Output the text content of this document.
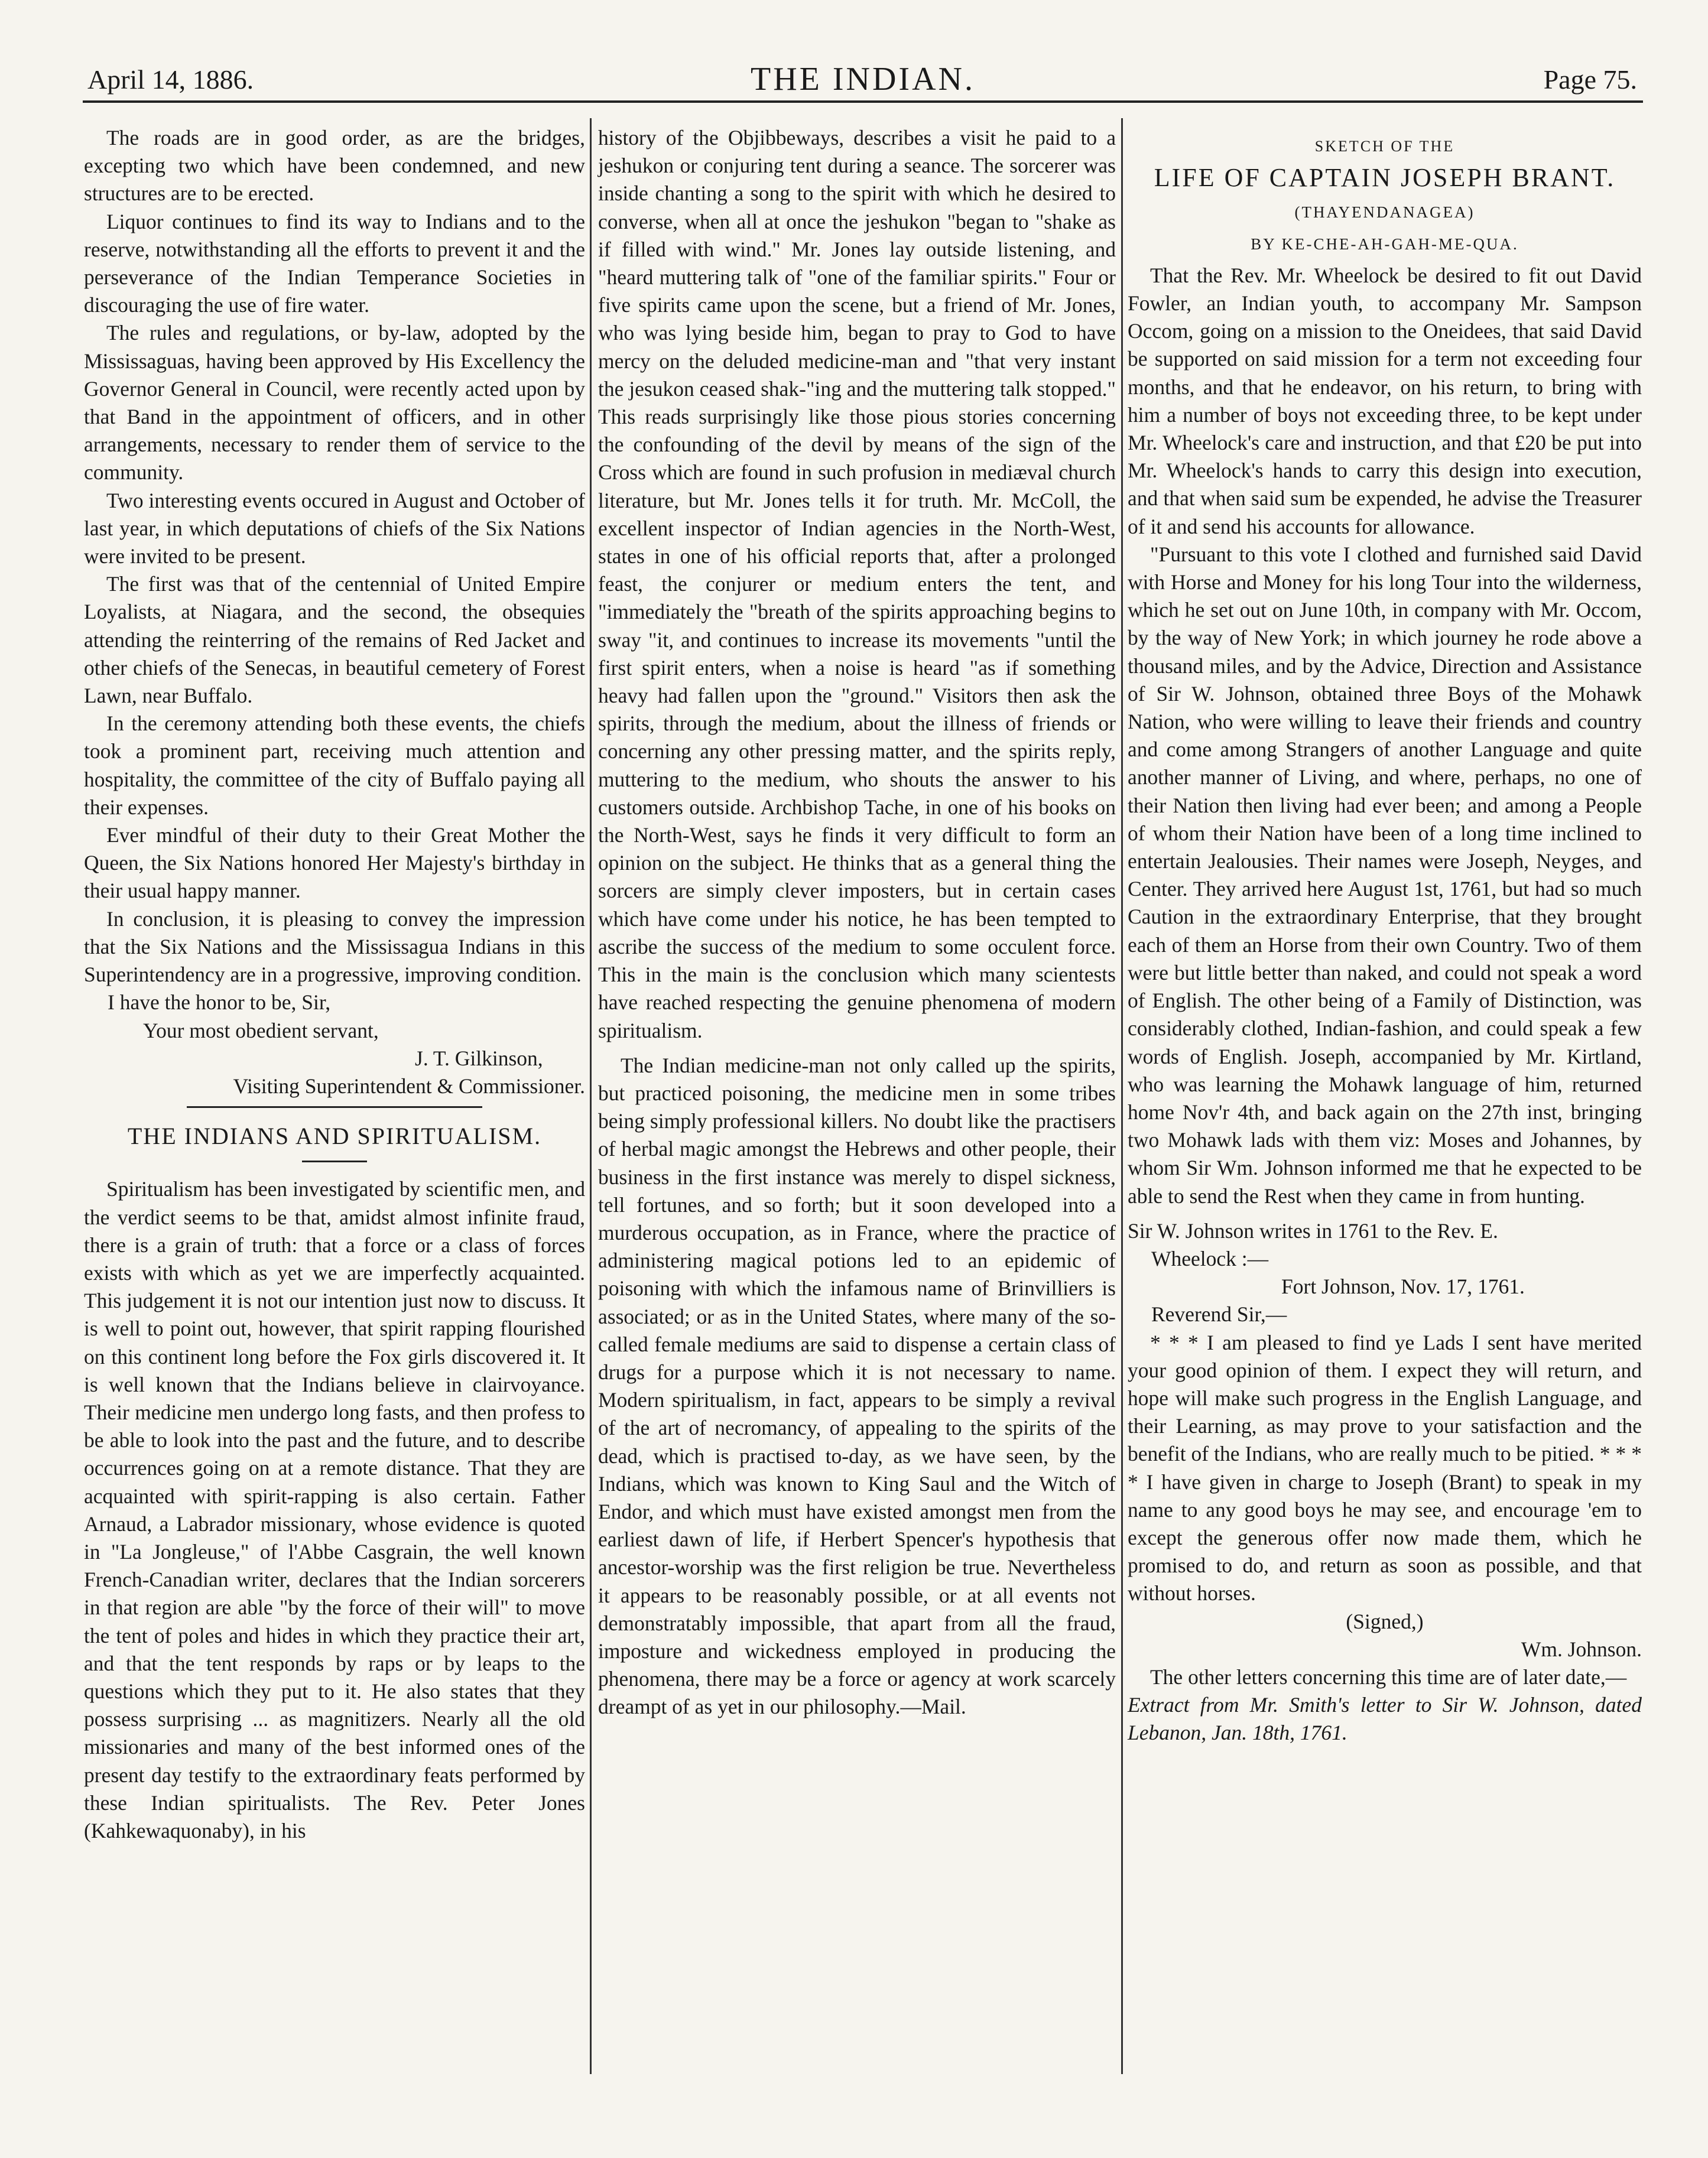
April 14, 1886.	THE INDIAN.	Page 75.

The roads are in good order, as are the bridges, excepting two which have been condemned, and new structures are to be erected.

Liquor continues to find its way to Indians and to the reserve, notwithstanding all the efforts to prevent it and the perseverance of the Indian Temperance Societies in discouraging the use of fire water.

The rules and regulations, or by-law, adopted by the Mississaguas, having been approved by His Excellency the Governor General in Council, were recently acted upon by that Band in the appointment of officers, and in other arrangements, necessary to render them of service to the community.

Two interesting events occured in August and October of last year, in which deputations of chiefs of the Six Nations were invited to be present.

The first was that of the centennial of United Empire Loyalists, at Niagara, and the second, the obsequies attending the reinterring of the remains of Red Jacket and other chiefs of the Senecas, in beautiful cemetery of Forest Lawn, near Buffalo.

In the ceremony attending both these events, the chiefs took a prominent part, receiving much attention and hospitality, the committee of the city of Buffalo paying all their expenses.

Ever mindful of their duty to their Great Mother the Queen, the Six Nations honored Her Majesty's birthday in their usual happy manner.

In conclusion, it is pleasing to convey the impression that the Six Nations and the Mississagua Indians in this Superintendency are in a progressive, improving condition.

I have the honor to be, Sir,

Your most obedient servant,

J. T. Gilkinson,

Visiting Superintendent & Commissioner.

THE INDIANS AND SPIRITUALISM.

Spiritualism has been investigated by scientific men, and the verdict seems to be that, amidst almost infinite fraud, there is a grain of truth: that a force or a class of forces exists with which as yet we are imperfectly acquainted. This judgement it is not our intention just now to discuss. It is well to point out, however, that spirit rapping flourished on this continent long before the Fox girls discovered it. It is well known that the Indians believe in clairvoyance. Their medicine men undergo long fasts, and then profess to be able to look into the past and the future, and to describe occurrences going on at a remote distance. That they are acquainted with spirit-rapping is also certain. Father Arnaud, a Labrador missionary, whose evidence is quoted in "La Jongleuse," of l'Abbe Casgrain, the well known French-Canadian writer, declares that the Indian sorcerers in that region are able "by the force of their will" to move the tent of poles and hides in which they practice their art, and that the tent responds by raps or by leaps to the questions which they put to it. He also states that they possess surprising ... as magnitizers. Nearly all the old missionaries and many of the best informed ones of the present day testify to the extraordinary feats performed by these Indian spiritualists. The Rev. Peter Jones (Kahkewaquonaby), in his

history of the Objibbeways, describes a visit he paid to a jeshukon or conjuring tent during a seance. The sorcerer was inside chanting a song to the spirit with which he desired to converse, when all at once the jeshukon "began to "shake as if filled with wind." Mr. Jones lay outside listening, and "heard muttering talk of "one of the familiar spirits." Four or five spirits came upon the scene, but a friend of Mr. Jones, who was lying beside him, began to pray to God to have mercy on the deluded medicine-man and "that very instant the jesukon ceased shak-"ing and the muttering talk stopped." This reads surprisingly like those pious stories concerning the confounding of the devil by means of the sign of the Cross which are found in such profusion in mediæval church literature, but Mr. Jones tells it for truth. Mr. McColl, the excellent inspector of Indian agencies in the North-West, states in one of his official reports that, after a prolonged feast, the conjurer or medium enters the tent, and "immediately the "breath of the spirits approaching begins to sway "it, and continues to increase its movements "until the first spirit enters, when a noise is heard "as if something heavy had fallen upon the "ground." Visitors then ask the spirits, through the medium, about the illness of friends or concerning any other pressing matter, and the spirits reply, muttering to the medium, who shouts the answer to his customers outside. Archbishop Tache, in one of his books on the North-West, says he finds it very difficult to form an opinion on the subject. He thinks that as a general thing the sorcers are simply clever imposters, but in certain cases which have come under his notice, he has been tempted to ascribe the success of the medium to some occulent force. This in the main is the conclusion which many scientests have reached respecting the genuine phenomena of modern spiritualism.

The Indian medicine-man not only called up the spirits, but practiced poisoning, the medicine men in some tribes being simply professional killers. No doubt like the practisers of herbal magic amongst the Hebrews and other people, their business in the first instance was merely to dispel sickness, tell fortunes, and so forth; but it soon developed into a murderous occupation, as in France, where the practice of administering magical potions led to an epidemic of poisoning with which the infamous name of Brinvilliers is associated; or as in the United States, where many of the so-called female mediums are said to dispense a certain class of drugs for a purpose which it is not necessary to name. Modern spiritualism, in fact, appears to be simply a revival of the art of necromancy, of appealing to the spirits of the dead, which is practised to-day, as we have seen, by the Indians, which was known to King Saul and the Witch of Endor, and which must have existed amongst men from the earliest dawn of life, if Herbert Spencer's hypothesis that ancestor-worship was the first religion be true. Nevertheless it appears to be reasonably possible, or at all events not demonstratably impossible, that apart from all the fraud, imposture and wickedness employed in producing the phenomena, there may be a force or agency at work scarcely dreampt of as yet in our philosophy.—Mail.

SKETCH OF THE
LIFE OF CAPTAIN JOSEPH BRANT.
(THAYENDANAGEA)
BY KE-CHE-AH-GAH-ME-QUA.

That the Rev. Mr. Wheelock be desired to fit out David Fowler, an Indian youth, to accompany Mr. Sampson Occom, going on a mission to the Oneidees, that said David be supported on said mission for a term not exceeding four months, and that he endeavor, on his return, to bring with him a number of boys not exceeding three, to be kept under Mr. Wheelock's care and instruction, and that £20 be put into Mr. Wheelock's hands to carry this design into execution, and that when said sum be expended, he advise the Treasurer of it and send his accounts for allowance.

"Pursuant to this vote I clothed and furnished said David with Horse and Money for his long Tour into the wilderness, which he set out on June 10th, in company with Mr. Occom, by the way of New York; in which journey he rode above a thousand miles, and by the Advice, Direction and Assistance of Sir W. Johnson, obtained three Boys of the Mohawk Nation, who were willing to leave their friends and country and come among Strangers of another Language and quite another manner of Living, and where, perhaps, no one of their Nation then living had ever been; and among a People of whom their Nation have been of a long time inclined to entertain Jealousies. Their names were Joseph, Neyges, and Center. They arrived here August 1st, 1761, but had so much Caution in the extraordinary Enterprise, that they brought each of them an Horse from their own Country. Two of them were but little better than naked, and could not speak a word of English. The other being of a Family of Distinction, was considerably clothed, Indian-fashion, and could speak a few words of English. Joseph, accompanied by Mr. Kirtland, who was learning the Mohawk language of him, returned home Nov'r 4th, and back again on the 27th inst, bringing two Mohawk lads with them viz: Moses and Johannes, by whom Sir Wm. Johnson informed me that he expected to be able to send the Rest when they came in from hunting.

Sir W. Johnson writes in 1761 to the Rev. E.

Wheelock :—

Fort Johnson, Nov. 17, 1761.

Reverend Sir,—

* * * I am pleased to find ye Lads I sent have merited your good opinion of them. I expect they will return, and hope will make such progress in the English Language, and their Learning, as may prove to your satisfaction and the benefit of the Indians, who are really much to be pitied. * * * * I have given in charge to Joseph (Brant) to speak in my name to any good boys he may see, and encourage 'em to except the generous offer now made them, which he promised to do, and return as soon as possible, and that without horses.

(Signed,)

Wm. Johnson.

The other letters concerning this time are of later date,—

Extract from Mr. Smith's letter to Sir W. Johnson, dated Lebanon, Jan. 18th, 1761.
